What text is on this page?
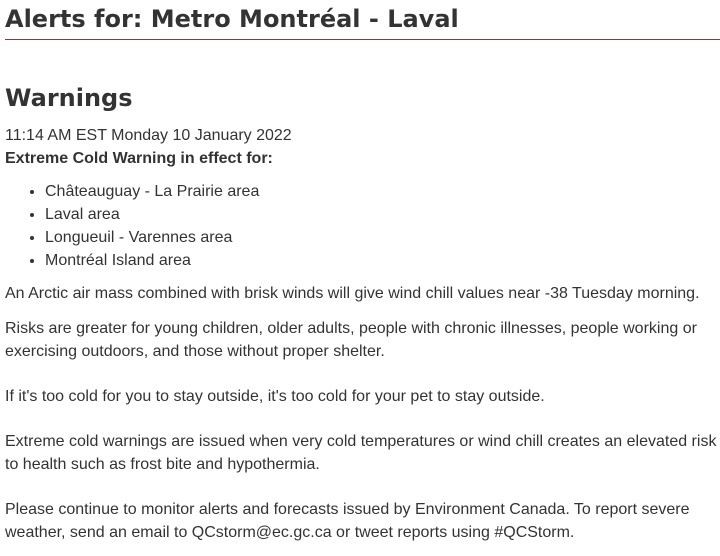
Alerts for: Metro Montréal - Laval
Warnings

11:14 AM EST Monday 10 January 2022

Extreme Cold Warning in effect for:

• Châteauguay - La Prairie area
• Laval area
• Longueuil - Varennes area
• Montréal Island area

An Arctic air mass combined with brisk winds will give wind chill values near -38 Tuesday morning.

Risks are greater for young children, older adults, people with chronic illnesses, people working or exercising outdoors, and those without proper shelter.

If it's too cold for you to stay outside, it's too cold for your pet to stay outside.

Extreme cold warnings are issued when very cold temperatures or wind chill creates an elevated risk to health such as frost bite and hypothermia.

Please continue to monitor alerts and forecasts issued by Environment Canada. To report severe weather, send an email to QCstorm@ec.gc.ca or tweet reports using #QCStorm.
